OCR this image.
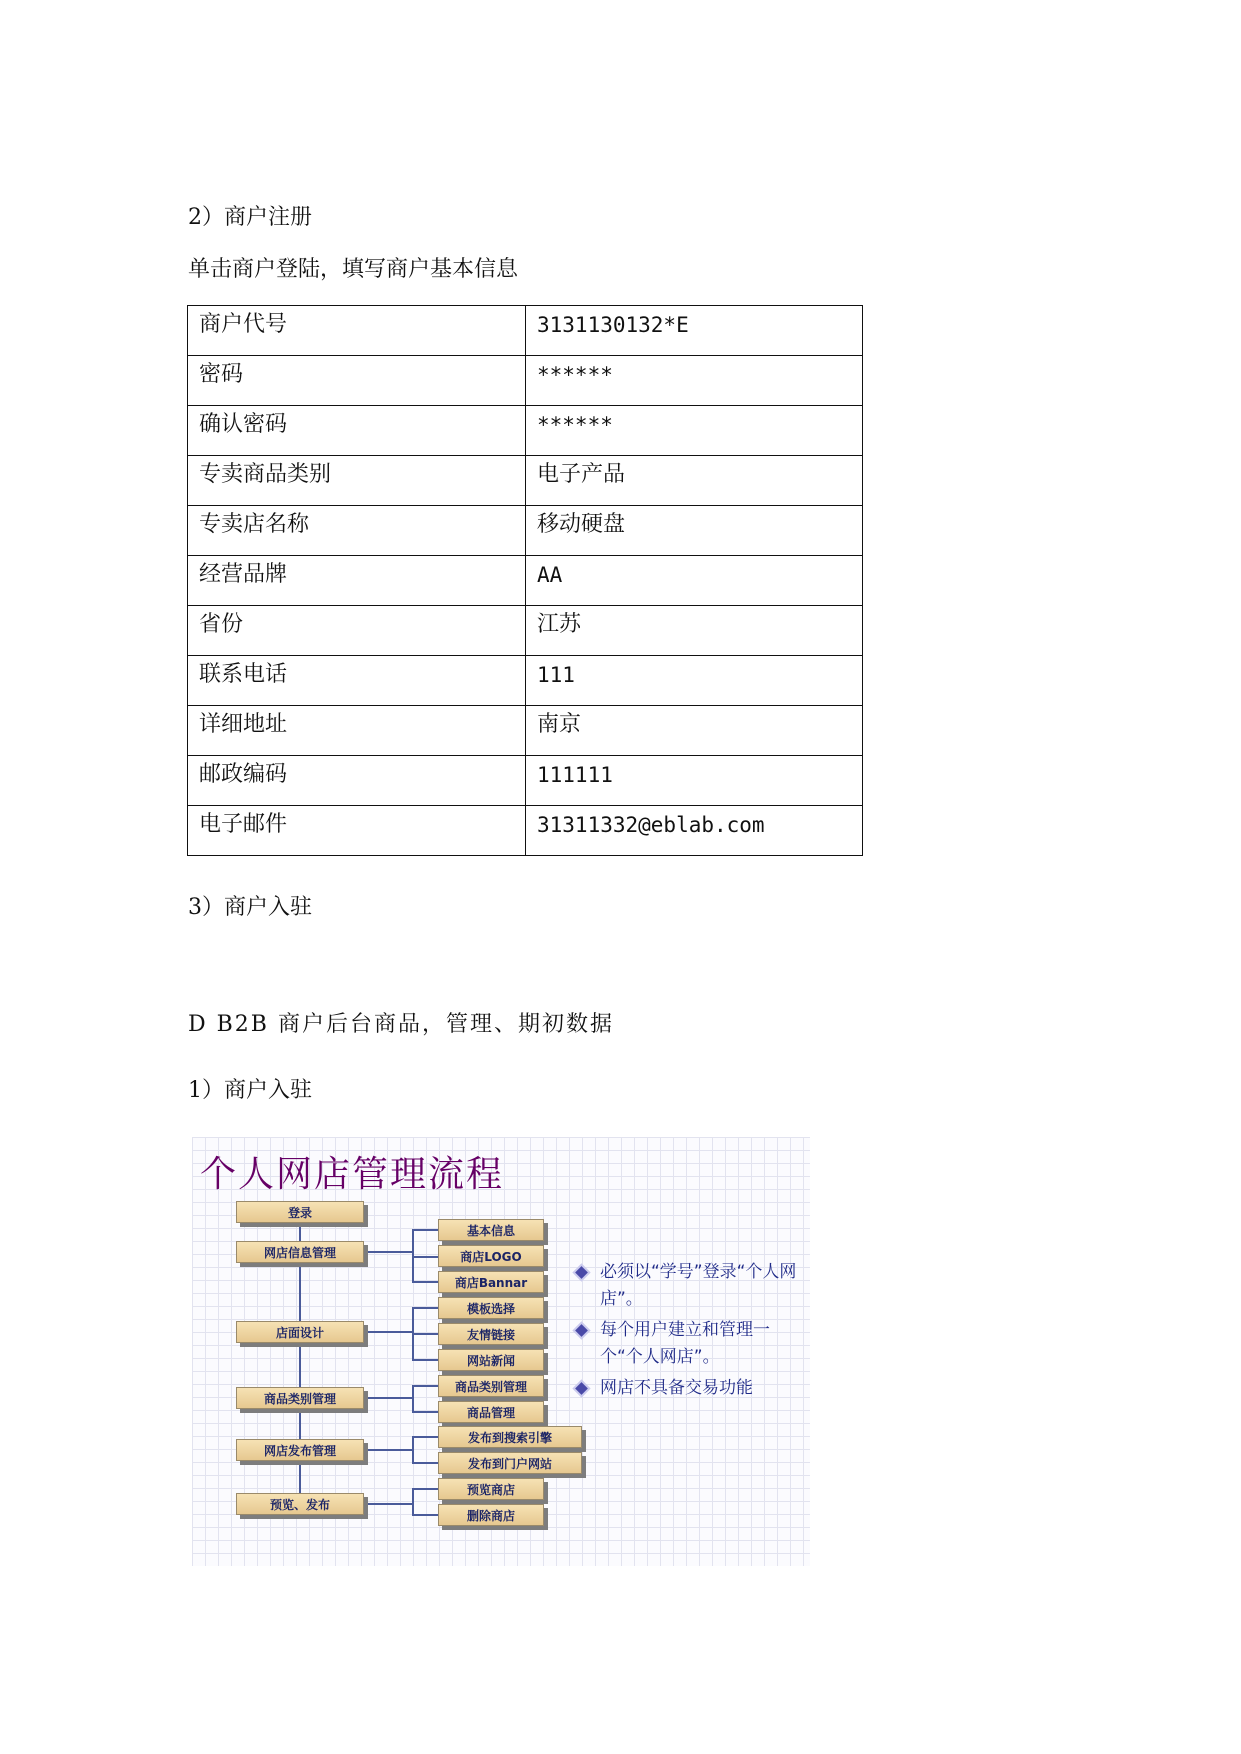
2）商户注册
单击商户登陆，填写商户基本信息
商户代号	3131130132*E
密码	******
确认密码	******
专卖商品类别	电子产品
专卖店名称	移动硬盘
经营品牌	AA
省份	江苏
联系电话	111
详细地址	南京
邮政编码	111111
电子邮件	31311332@eblab.com
3）商户入驻
D B2B 商户后台商品，管理、期初数据
1）商户入驻
个人网店管理流程
登录
网店信息管理
店面设计
商品类别管理
网店发布管理
预览、发布
基本信息
商店LOGO
商店Bannar
模板选择
友情链接
网站新闻
商品类别管理
商品管理
发布到搜索引擎
发布到门户网站
预览商店
删除商店
必须以“学号”登录“个人网店”。
每个用户建立和管理一个“个人网店”。
网店不具备交易功能
